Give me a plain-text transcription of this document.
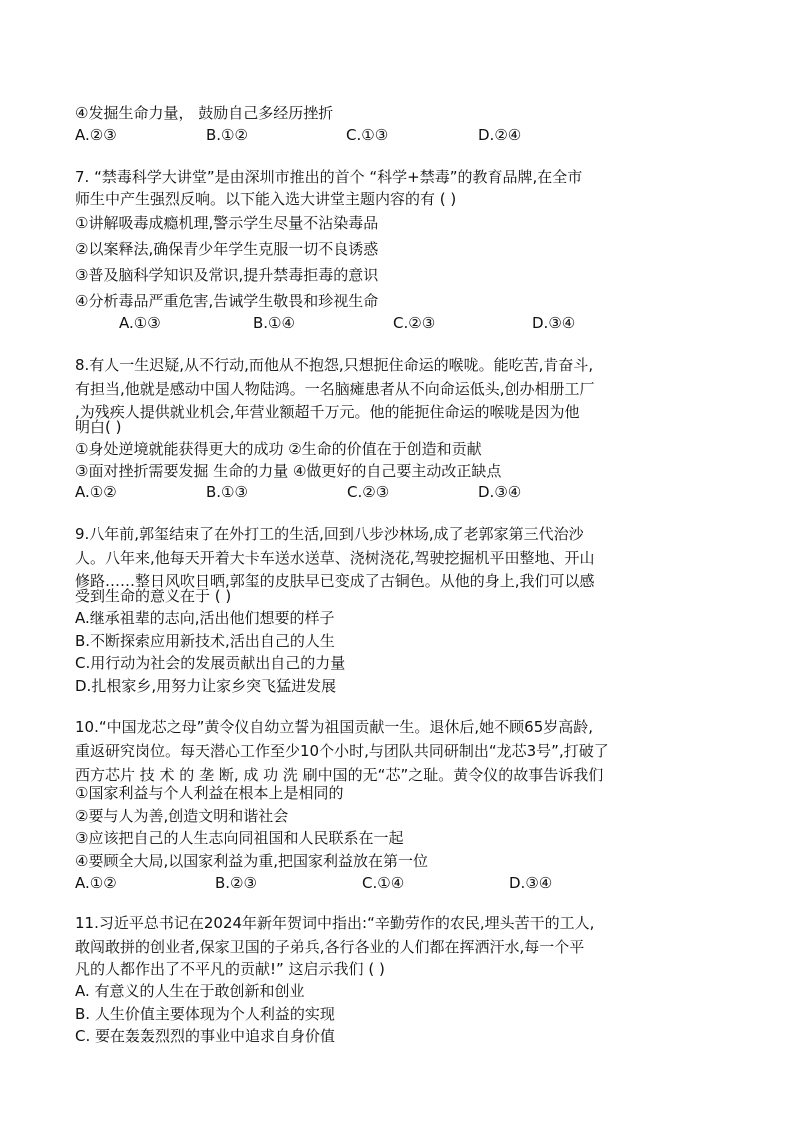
④发掘生命力量， 鼓励自己多经历挫折
A.②③	B.①②	C.①③	D.②④
7. “禁毒科学大讲堂”是由深圳市推出的首个 “科学+禁毒”的教育品牌,在全市
师生中产生强烈反响。以下能入选大讲堂主题内容的有 ( )
①讲解吸毒成瘾机理,警示学生尽量不沾染毒品
②以案释法,确保青少年学生克服一切不良诱惑
③普及脑科学知识及常识,提升禁毒拒毒的意识
④分析毒品严重危害,告诫学生敬畏和珍视生命
A.①③	B.①④	C.②③	D.③④
8.有人一生迟疑,从不行动,而他从不抱怨,只想扼住命运的喉咙。能吃苦,肯奋斗,
有担当,他就是感动中国人物陆鸿。一名脑瘫患者从不向命运低头,创办相册工厂
,为残疾人提供就业机会,年营业额超千万元。他的能扼住命运的喉咙是因为他
明白( )
①身处逆境就能获得更大的成功 ②生命的价值在于创造和贡献
③面对挫折需要发掘 生命的力量 ④做更好的自己要主动改正缺点
A.①②	B.①③	C.②③	D.③④
9.八年前,郭玺结束了在外打工的生活,回到八步沙林场,成了老郭家第三代治沙
人。八年来,他每天开着大卡车送水送草、浇树浇花,驾驶挖掘机平田整地、开山
修路……整日风吹日晒,郭玺的皮肤早已变成了古铜色。从他的身上,我们可以感
受到生命的意义在于 ( )
A.继承祖辈的志向,活出他们想要的样子
B.不断探索应用新技术,活出自己的人生
C.用行动为社会的发展贡献出自己的力量
D.扎根家乡,用努力让家乡突飞猛进发展
10.“中国龙芯之母”黄令仪自幼立誓为祖国贡献一生。退休后,她不顾65岁高龄,
重返研究岗位。每天潜心工作至少10个小时,与团队共同研制出“龙芯3号”,打破了
西方芯片 技 术 的 垄 断, 成 功 洗 刷中国的无“芯”之耻。黄令仪的故事告诉我们
①国家利益与个人利益在根本上是相同的
②要与人为善,创造文明和谐社会
③应该把自己的人生志向同祖国和人民联系在一起
④要顾全大局,以国家利益为重,把国家利益放在第一位
A.①②	B.②③	C.①④	D.③④
11.习近平总书记在2024年新年贺词中指出:“辛勤劳作的农民,埋头苦干的工人,
敢闯敢拼的创业者,保家卫国的子弟兵,各行各业的人们都在挥洒汗水,每一个平
凡的人都作出了不平凡的贡献!” 这启示我们 ( )
A. 有意义的人生在于敢创新和创业
B. 人生价值主要体现为个人利益的实现
C. 要在轰轰烈烈的事业中追求自身价值
